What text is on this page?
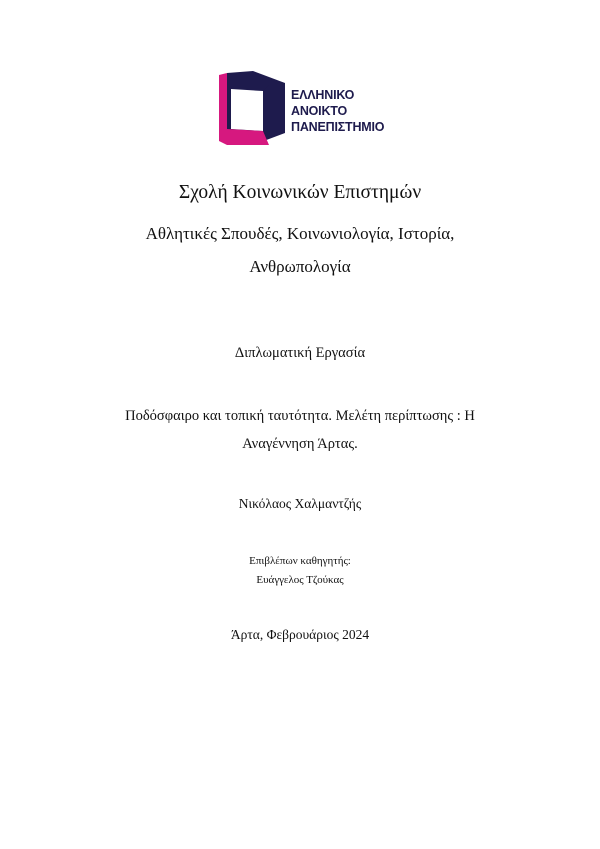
ΕΛΛΗΝΙΚΟ
ΑΝΟΙΚΤΟ
ΠΑΝΕΠΙΣΤΗΜΙΟ
Σχολή Κοινωνικών Επιστημών
Αθλητικές Σπουδές, Κοινωνιολογία, Ιστορία,
Ανθρωπολογία
Διπλωματική Εργασία
Ποδόσφαιρο και τοπική ταυτότητα. Μελέτη περίπτωσης : Η
Αναγέννηση Άρτας.
Νικόλαος Χαλμαντζής
Επιβλέπων καθηγητής:
Ευάγγελος Τζούκας
Άρτα, Φεβρουάριος 2024
